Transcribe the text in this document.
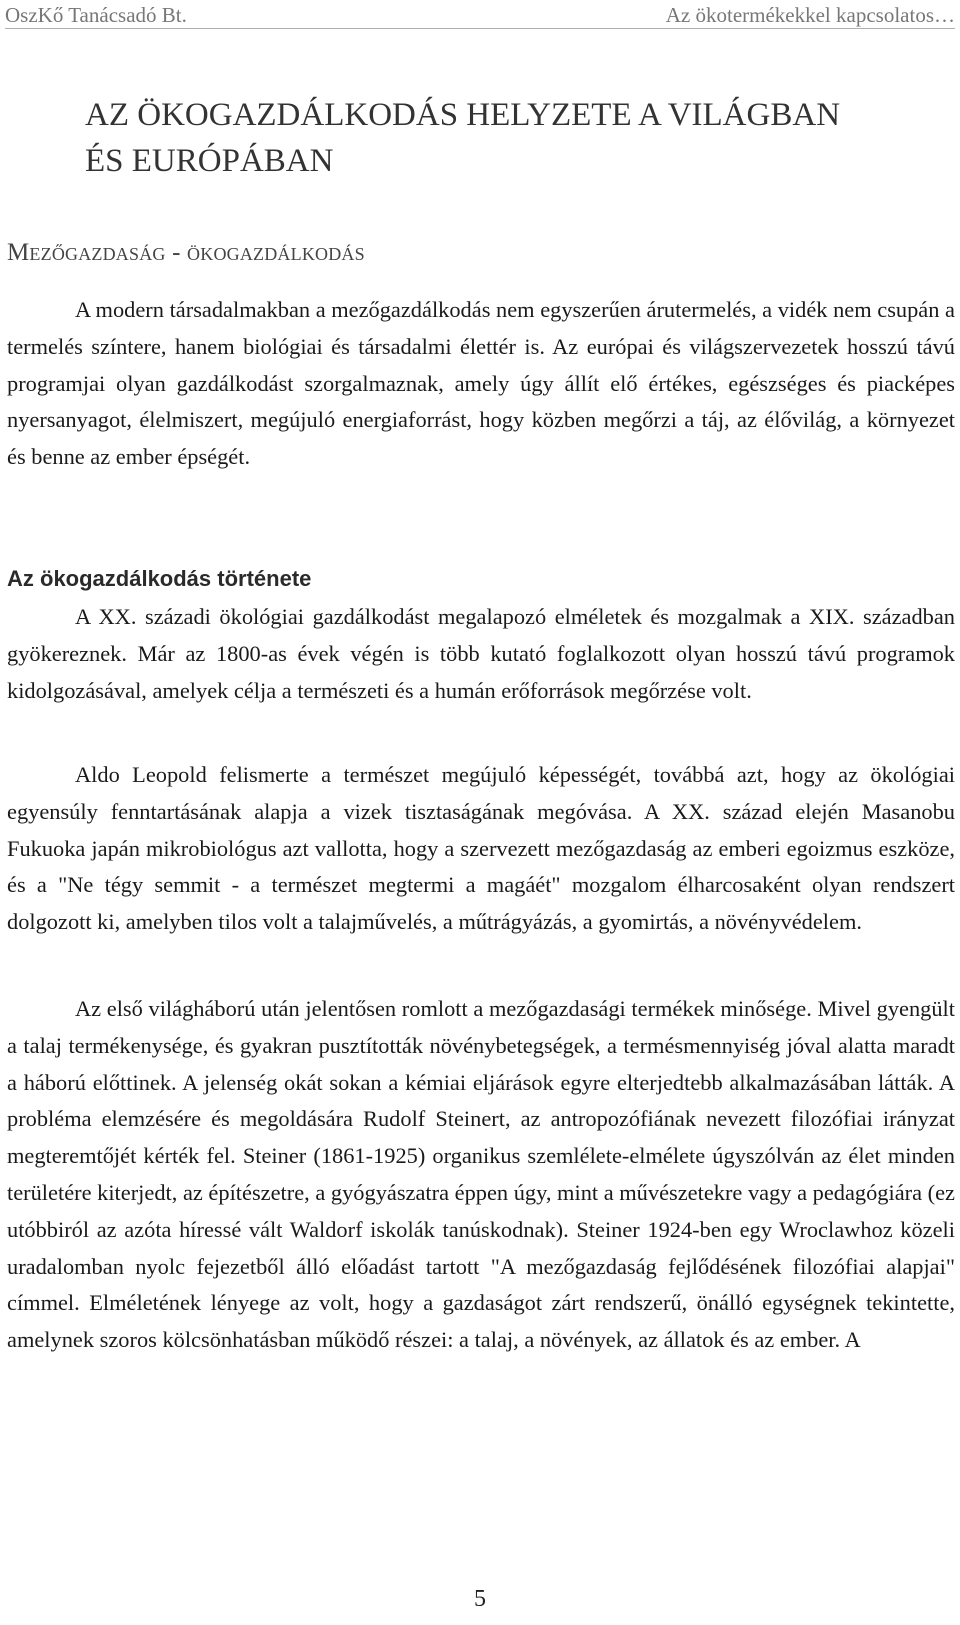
OszKő Tanácsadó Bt.	Az ökotermékekkel kapcsolatos…
AZ ÖKOGAZDÁLKODÁS HELYZETE A VILÁGBAN ÉS EURÓPÁBAN
Mezőgazdaság - ökogazdálkodás

A modern társadalmakban a mezőgazdálkodás nem egyszerűen árutermelés, a vidék nem csupán a termelés színtere, hanem biológiai és társadalmi élettér is. Az európai és világszervezetek hosszú távú programjai olyan gazdálkodást szorgalmaznak, amely úgy állít elő értékes, egészséges és piacképes nyersanyagot, élelmiszert, megújuló energiaforrást, hogy közben megőrzi a táj, az élővilág, a környezet és benne az ember épségét.

Az ökogazdálkodás története

A XX. századi ökológiai gazdálkodást megalapozó elméletek és mozgalmak a XIX. században gyökereznek. Már az 1800-as évek végén is több kutató foglalkozott olyan hosszú távú programok kidolgozásával, amelyek célja a természeti és a humán erőforrások megőrzése volt.

Aldo Leopold felismerte a természet megújuló képességét, továbbá azt, hogy az ökológiai egyensúly fenntartásának alapja a vizek tisztaságának megóvása. A XX. század elején Masanobu Fukuoka japán mikrobiológus azt vallotta, hogy a szervezett mezőgazdaság az emberi egoizmus eszköze, és a "Ne tégy semmit - a természet megtermi a magáét" mozgalom élharcosaként olyan rendszert dolgozott ki, amelyben tilos volt a talajművelés, a műtrágyázás, a gyomirtás, a növényvédelem.

Az első világháború után jelentősen romlott a mezőgazdasági termékek minősége. Mivel gyengült a talaj termékenysége, és gyakran pusztították növénybetegségek, a termésmennyiség jóval alatta maradt a háború előttinek. A jelenség okát sokan a kémiai eljárások egyre elterjedtebb alkalmazásában látták. A probléma elemzésére és megoldására Rudolf Steinert, az antropozófiának nevezett filozófiai irányzat megteremtőjét kérték fel. Steiner (1861-1925) organikus szemlélete-elmélete úgyszólván az élet minden területére kiterjedt, az építészetre, a gyógyászatra éppen úgy, mint a művészetekre vagy a pedagógiára (ez utóbbiról az azóta híressé vált Waldorf iskolák tanúskodnak). Steiner 1924-ben egy Wroclawhoz közeli uradalomban nyolc fejezetből álló előadást tartott "A mezőgazdaság fejlődésének filozófiai alapjai" címmel. Elméletének lényege az volt, hogy a gazdaságot zárt rendszerű, önálló egységnek tekintette, amelynek szoros kölcsönhatásban működő részei: a talaj, a növények, az állatok és az ember. A

5
